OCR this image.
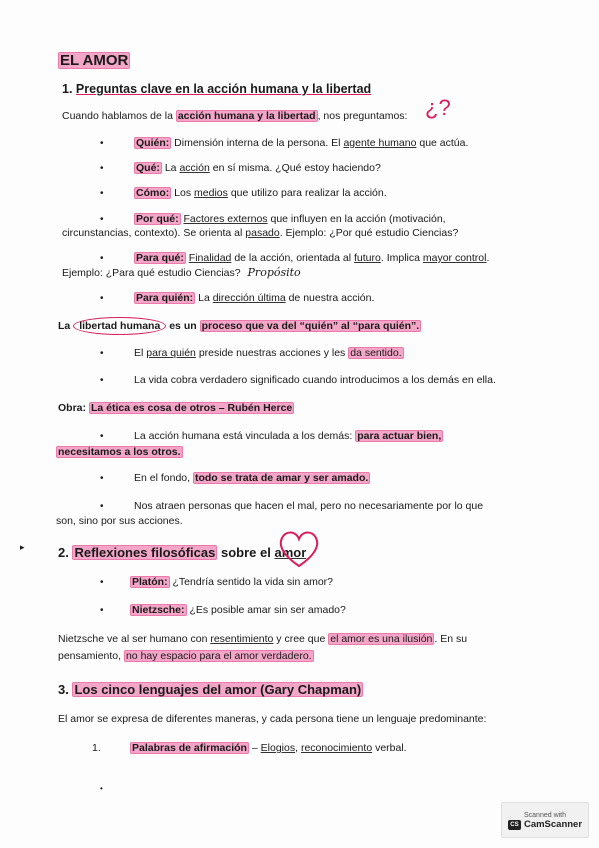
EL AMOR
1. Preguntas clave en la acción humana y la libertad
Cuando hablamos de la acción humana y la libertad , nos preguntamos: ¿?
•	Quién: Dimensión interna de la persona. El agente humano que actúa.
•	Qué: La acción en sí misma. ¿Qué estoy haciendo?
•	Cómo: Los medios que utilizo para realizar la acción.
•	Por qué: Factores externos que influyen en la acción (motivación,
circunstancias, contexto). Se orienta al pasado. Ejemplo: ¿Por qué estudio Ciencias?
•	Para qué: Finalidad de la acción, orientada al futuro. Implica mayor control.
Ejemplo: ¿Para qué estudio Ciencias? Propósito
•	Para quién: La dirección última de nuestra acción.
La libertad humana es un proceso que va del “quién” al “para quién”.
•	El para quién preside nuestras acciones y les da sentido.
•	La vida cobra verdadero significado cuando introducimos a los demás en ella.
Obra: La ética es cosa de otros – Rubén Herce
•	La acción humana está vinculada a los demás: para actuar bien,
necesitamos a los otros.
•	En el fondo, todo se trata de amar y ser amado.
•	Nos atraen personas que hacen el mal, pero no necesariamente por lo que
son, sino por sus acciones.
▸	2. Reflexiones filosóficas sobre el amor
•	Platón: ¿Tendría sentido la vida sin amor?
•	Nietzsche: ¿Es posible amar sin ser amado?
Nietzsche ve al ser humano con resentimiento y cree que el amor es una ilusión . En su
pensamiento, no hay espacio para el amor verdadero.
3. Los cinco lenguajes del amor (Gary Chapman)
El amor se expresa de diferentes maneras, y cada persona tiene un lenguaje predominante:
1.	Palabras de afirmación – Elogios, reconocimiento verbal.
•
Scanned with
CS CamScanner
